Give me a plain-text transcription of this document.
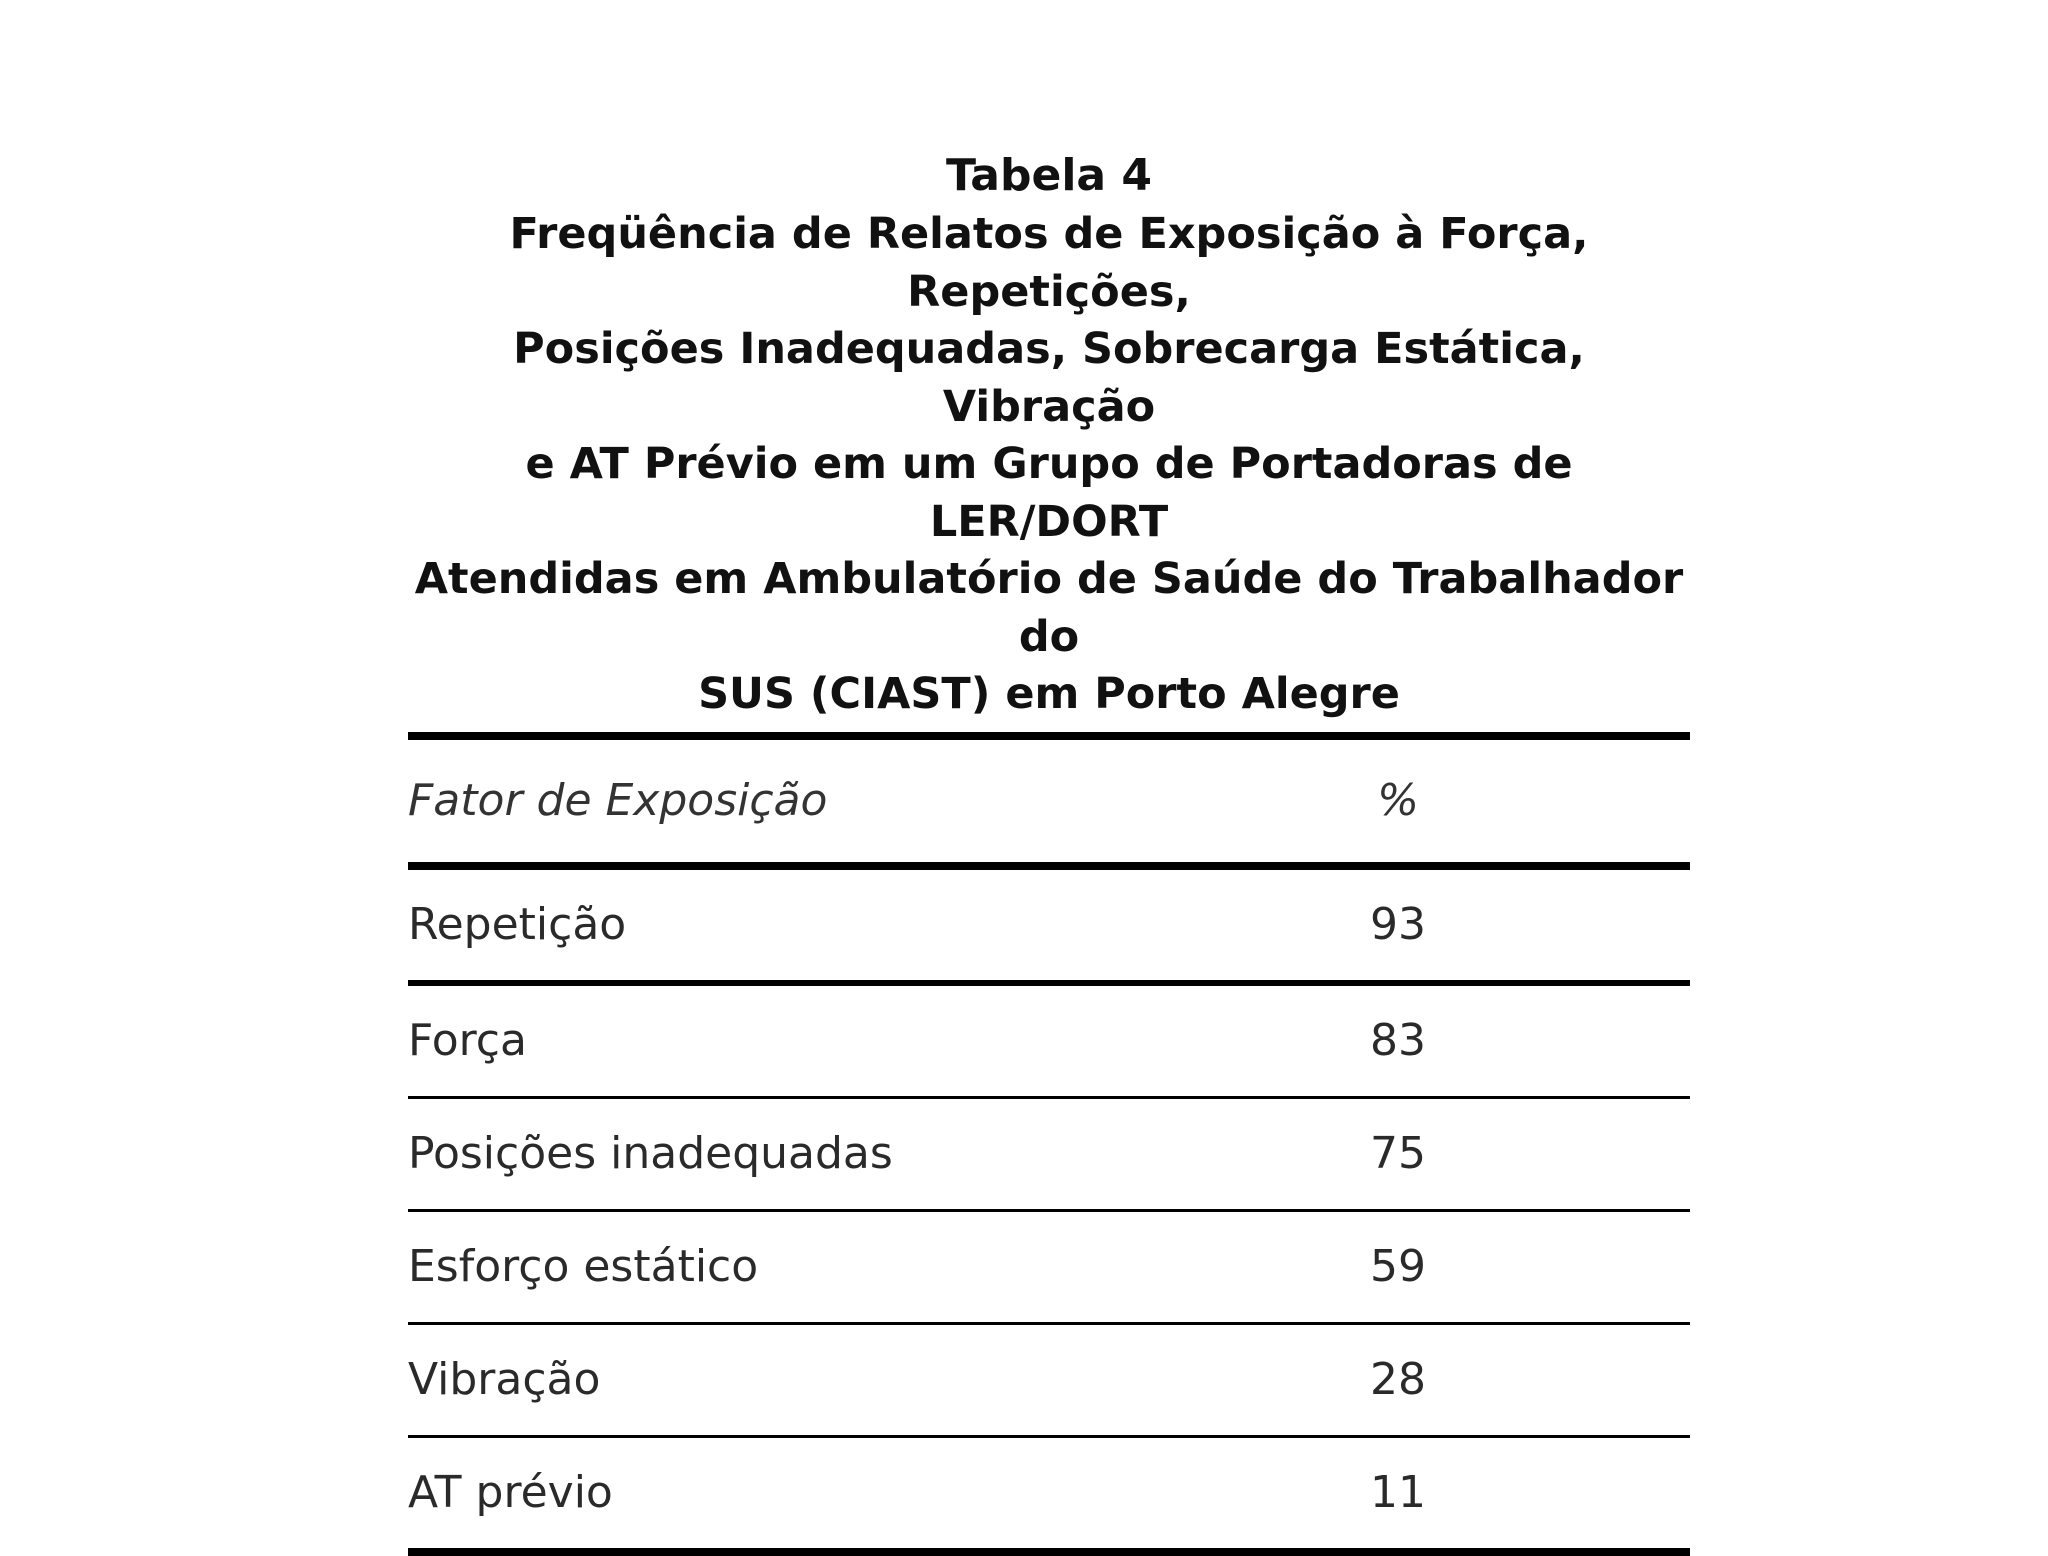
Tabela 4
Freqüência de Relatos de Exposição à Força, Repetições,
Posições Inadequadas, Sobrecarga Estática, Vibração
e AT Prévio em um Grupo de Portadoras de LER/DORT
Atendidas em Ambulatório de Saúde do Trabalhador do
SUS (CIAST) em Porto Alegre
Fator de Exposição	%
Repetição	93
Força	83
Posições inadequadas	75
Esforço estático	59
Vibração	28
AT prévio	11
